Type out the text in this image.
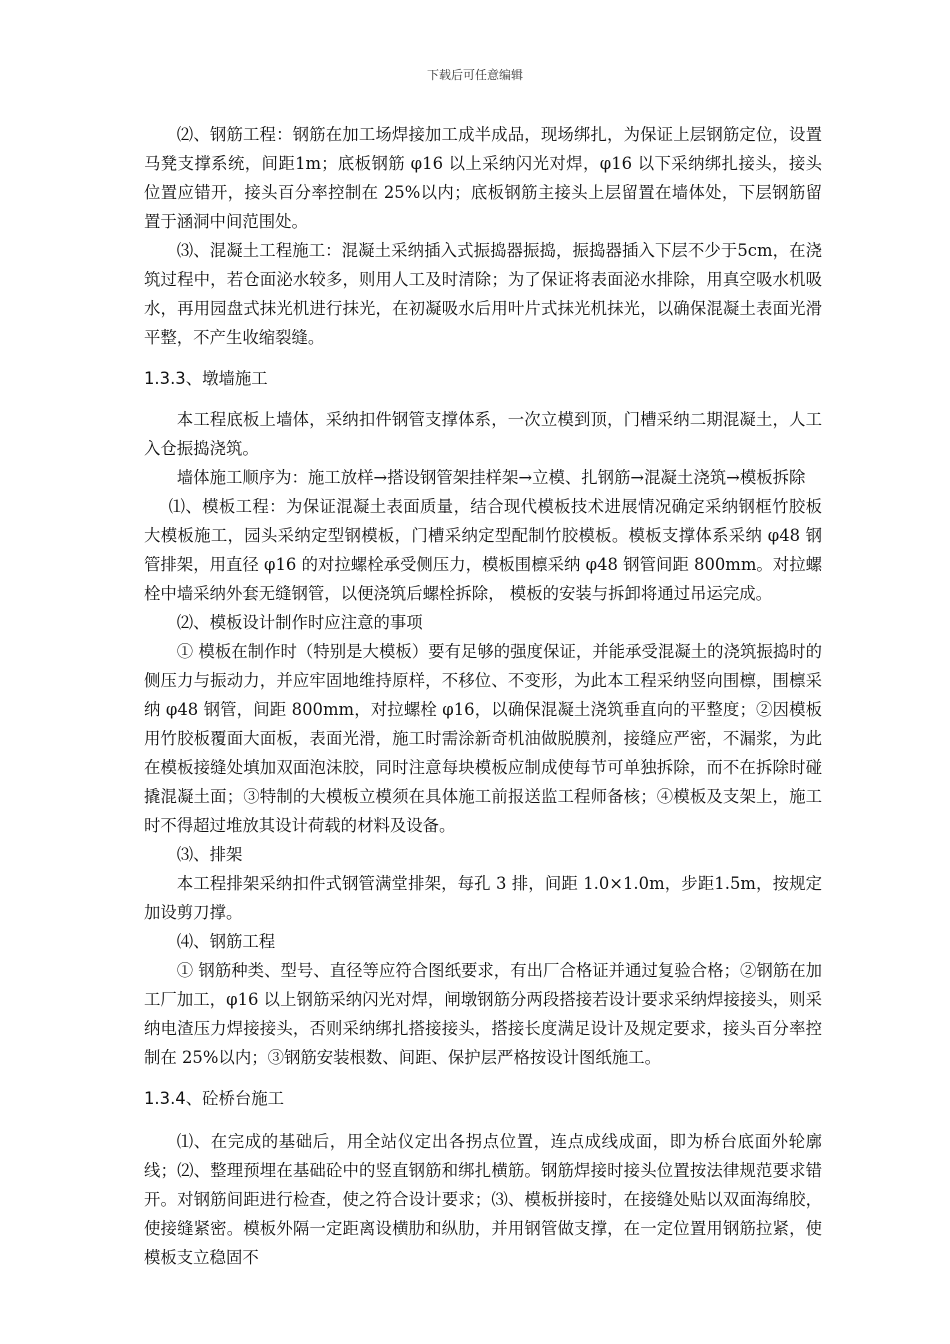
下载后可任意编辑

⑵、钢筋工程：钢筋在加工场焊接加工成半成品，现场绑扎，为保证上层钢筋定位，设置马凳支撑系统，间距1m；底板钢筋 φ16 以上采纳闪光对焊，φ16 以下采纳绑扎接头，接头位置应错开，接头百分率控制在 25%以内；底板钢筋主接头上层留置在墙体处，下层钢筋留置于涵洞中间范围处。

⑶、混凝土工程施工：混凝土采纳插入式振捣器振捣，振捣器插入下层不少于5cm，在浇筑过程中，若仓面泌水较多，则用人工及时清除；为了保证将表面泌水排除，用真空吸水机吸水，再用园盘式抹光机进行抹光，在初凝吸水后用叶片式抹光机抹光，以确保混凝土表面光滑平整，不产生收缩裂缝。

1.3.3、墩墙施工

本工程底板上墙体，采纳扣件钢管支撑体系，一次立模到顶，门槽采纳二期混凝土，人工入仓振捣浇筑。

墙体施工顺序为：施工放样→搭设钢管架挂样架→立模、扎钢筋→混凝土浇筑→模板拆除

⑴、模板工程：为保证混凝土表面质量，结合现代模板技术进展情况确定采纳钢框竹胶板大模板施工，园头采纳定型钢模板，门槽采纳定型配制竹胶模板。模板支撑体系采纳 φ48 钢管排架，用直径 φ16 的对拉螺栓承受侧压力，模板围檩采纳 φ48 钢管间距 800mm。对拉螺栓中墙采纳外套无缝钢管，以便浇筑后螺栓拆除， 模板的安装与拆卸将通过吊运完成。

⑵、模板设计制作时应注意的事项

① 模板在制作时（特别是大模板）要有足够的强度保证，并能承受混凝土的浇筑振捣时的侧压力与振动力，并应牢固地维持原样，不移位、不变形，为此本工程采纳竖向围檩，围檩采纳 φ48 钢管，间距 800mm，对拉螺栓 φ16，以确保混凝土浇筑垂直向的平整度；②因模板用竹胶板覆面大面板，表面光滑，施工时需涂新奇机油做脱膜剂，接缝应严密，不漏浆，为此在模板接缝处填加双面泡沫胶，同时注意每块模板应制成使每节可单独拆除，而不在拆除时碰撬混凝土面；③特制的大模板立模须在具体施工前报送监工程师备核；④模板及支架上，施工时不得超过堆放其设计荷载的材料及设备。

⑶、排架

本工程排架采纳扣件式钢管满堂排架，每孔 3 排，间距 1.0×1.0m，步距1.5m，按规定加设剪刀撑。

⑷、钢筋工程

① 钢筋种类、型号、直径等应符合图纸要求，有出厂合格证并通过复验合格；②钢筋在加工厂加工，φ16 以上钢筋采纳闪光对焊，闸墩钢筋分两段搭接若设计要求采纳焊接接头，则采纳电渣压力焊接接头，否则采纳绑扎搭接接头，搭接长度满足设计及规定要求，接头百分率控制在 25%以内；③钢筋安装根数、间距、保护层严格按设计图纸施工。

1.3.4、砼桥台施工

⑴、在完成的基础后，用全站仪定出各拐点位置，连点成线成面，即为桥台底面外轮廓线；⑵、整理预埋在基础砼中的竖直钢筋和绑扎横筋。钢筋焊接时接头位置按法律规范要求错开。对钢筋间距进行检查，使之符合设计要求；⑶、模板拼接时，在接缝处贴以双面海绵胶，使接缝紧密。模板外隔一定距离设横肋和纵肋，并用钢管做支撑，在一定位置用钢筋拉紧，使模板支立稳固不
